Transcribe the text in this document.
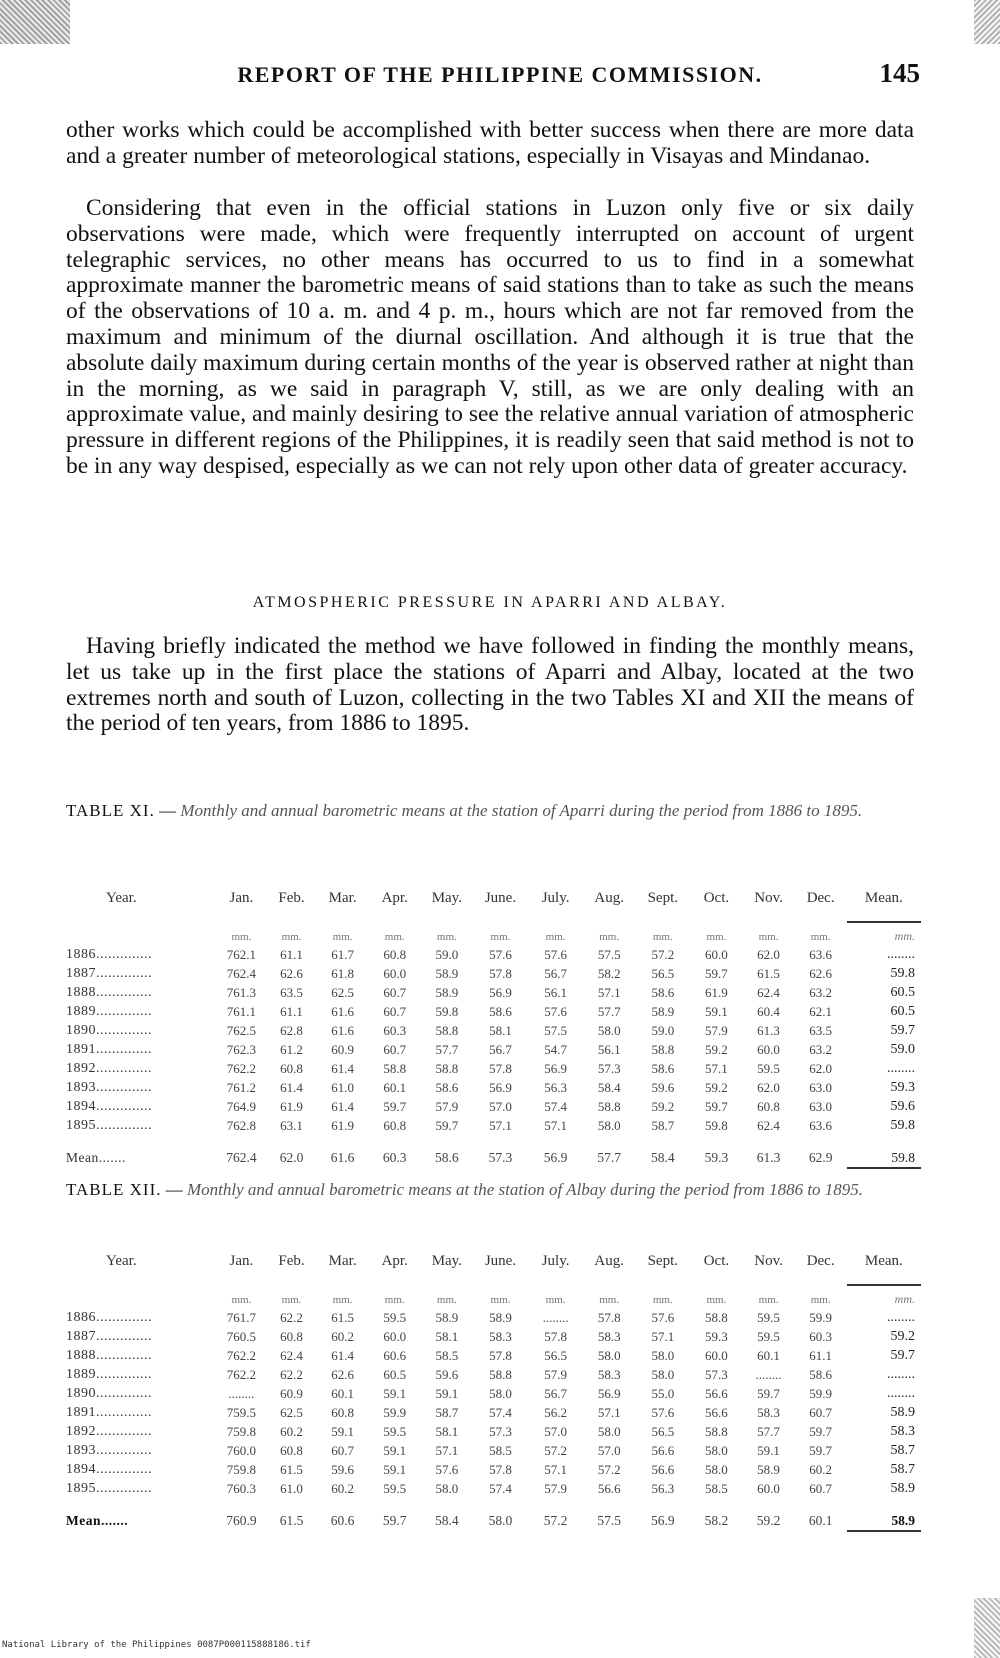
REPORT OF THE PHILIPPINE COMMISSION.	145

other works which could be accomplished with better success when there are more data and a greater number of meteorological stations, especially in Visayas and Mindanao.

Considering that even in the official stations in Luzon only five or six daily observations were made, which were frequently interrupted on account of urgent telegraphic services, no other means has occurred to us to find in a somewhat approximate manner the barometric means of said stations than to take as such the means of the observations of 10 a. m. and 4 p. m., hours which are not far removed from the maximum and minimum of the diurnal oscillation. And although it is true that the absolute daily maximum during certain months of the year is observed rather at night than in the morning, as we said in paragraph V, still, as we are only dealing with an approximate value, and mainly desiring to see the relative annual variation of atmospheric pressure in different regions of the Philippines, it is readily seen that said method is not to be in any way despised, especially as we can not rely upon other data of greater accuracy.

ATMOSPHERIC PRESSURE IN APARRI AND ALBAY.

Having briefly indicated the method we have followed in finding the monthly means, let us take up in the first place the stations of Aparri and Albay, located at the two extremes north and south of Luzon, collecting in the two Tables XI and XII the means of the period of ten years, from 1886 to 1895.

TABLE XI. — Monthly and annual barometric means at the station of Aparri during the period from 1886 to 1895.
Year.	Jan.	Feb.	Mar.	Apr.	May.	June.	July.	Aug.	Sept.	Oct.	Nov.	Dec.	Mean.
	mm.	mm.	mm.	mm.	mm.	mm.	mm.	mm.	mm.	mm.	mm.	mm.	mm.
1886..............	762.1	61.1	61.7	60.8	59.0	57.6	57.6	57.5	57.2	60.0	62.0	63.6	........
1887..............	762.4	62.6	61.8	60.0	58.9	57.8	56.7	58.2	56.5	59.7	61.5	62.6	59.8
1888..............	761.3	63.5	62.5	60.7	58.9	56.9	56.1	57.1	58.6	61.9	62.4	63.2	60.5
1889..............	761.1	61.1	61.6	60.7	59.8	58.6	57.6	57.7	58.9	59.1	60.4	62.1	60.5
1890..............	762.5	62.8	61.6	60.3	58.8	58.1	57.5	58.0	59.0	57.9	61.3	63.5	59.7
1891..............	762.3	61.2	60.9	60.7	57.7	56.7	54.7	56.1	58.8	59.2	60.0	63.2	59.0
1892..............	762.2	60.8	61.4	58.8	58.8	57.8	56.9	57.3	58.6	57.1	59.5	62.0	........
1893..............	761.2	61.4	61.0	60.1	58.6	56.9	56.3	58.4	59.6	59.2	62.0	63.0	59.3
1894..............	764.9	61.9	61.4	59.7	57.9	57.0	57.4	58.8	59.2	59.7	60.8	63.0	59.6
1895..............	762.8	63.1	61.9	60.8	59.7	57.1	57.1	58.0	58.7	59.8	62.4	63.6	59.8
Mean.......	762.4	62.0	61.6	60.3	58.6	57.3	56.9	57.7	58.4	59.3	61.3	62.9	59.8
TABLE XII. — Monthly and annual barometric means at the station of Albay during the period from 1886 to 1895.
Year.	Jan.	Feb.	Mar.	Apr.	May.	June.	July.	Aug.	Sept.	Oct.	Nov.	Dec.	Mean.
	mm.	mm.	mm.	mm.	mm.	mm.	mm.	mm.	mm.	mm.	mm.	mm.	mm.
1886..............	761.7	62.2	61.5	59.5	58.9	58.9	........	57.8	57.6	58.8	59.5	59.9	........
1887..............	760.5	60.8	60.2	60.0	58.1	58.3	57.8	58.3	57.1	59.3	59.5	60.3	59.2
1888..............	762.2	62.4	61.4	60.6	58.5	57.8	56.5	58.0	58.0	60.0	60.1	61.1	59.7
1889..............	762.2	62.2	62.6	60.5	59.6	58.8	57.9	58.3	58.0	57.3	........	58.6	........
1890..............	........	60.9	60.1	59.1	59.1	58.0	56.7	56.9	55.0	56.6	59.7	59.9	........
1891..............	759.5	62.5	60.8	59.9	58.7	57.4	56.2	57.1	57.6	56.6	58.3	60.7	58.9
1892..............	759.8	60.2	59.1	59.5	58.1	57.3	57.0	58.0	56.5	58.8	57.7	59.7	58.3
1893..............	760.0	60.8	60.7	59.1	57.1	58.5	57.2	57.0	56.6	58.0	59.1	59.7	58.7
1894..............	759.8	61.5	59.6	59.1	57.6	57.8	57.1	57.2	56.6	58.0	58.9	60.2	58.7
1895..............	760.3	61.0	60.2	59.5	58.0	57.4	57.9	56.6	56.3	58.5	60.0	60.7	58.9
Mean.......	760.9	61.5	60.6	59.7	58.4	58.0	57.2	57.5	56.9	58.2	59.2	60.1	58.9
National Library of the Philippines 0087P000115888186.tif
